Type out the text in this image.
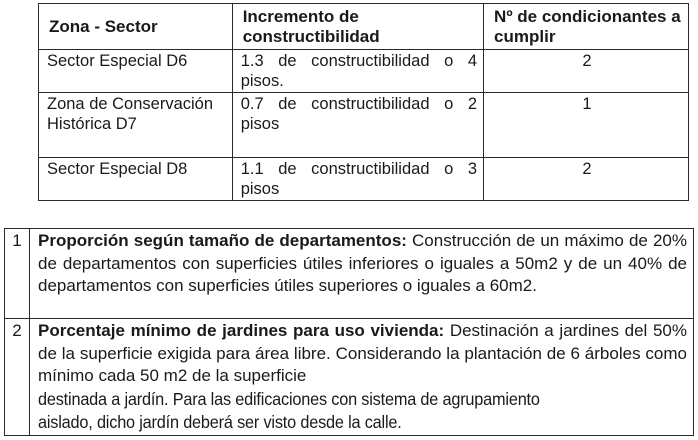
Zona - Sector	Incremento de constructibilidad	Nº de condicionantes a cumplir
Sector Especial D6	1.3 de constructibilidad o 4 pisos.	2
Zona de Conservación Histórica D7	0.7 de constructibilidad o 2 pisos	1
Sector Especial D8	1.1 de constructibilidad o 3 pisos	2
1	Proporción según tamaño de departamentos: Construcción de un máximo de 20% de departamentos con superficies útiles inferiores o iguales a 50m2 y de un 40% de departamentos con superficies útiles superiores o iguales a 60m2.
2	Porcentaje mínimo de jardines para uso vivienda: Destinación a jardines del 50% de la superficie exigida para área libre. Considerando la plantación de 6 árboles como mínimo cada 50 m2 de la superficie
destinada a jardín. Para las edificaciones con sistema de agrupamiento
aislado, dicho jardín deberá ser visto desde la calle.
